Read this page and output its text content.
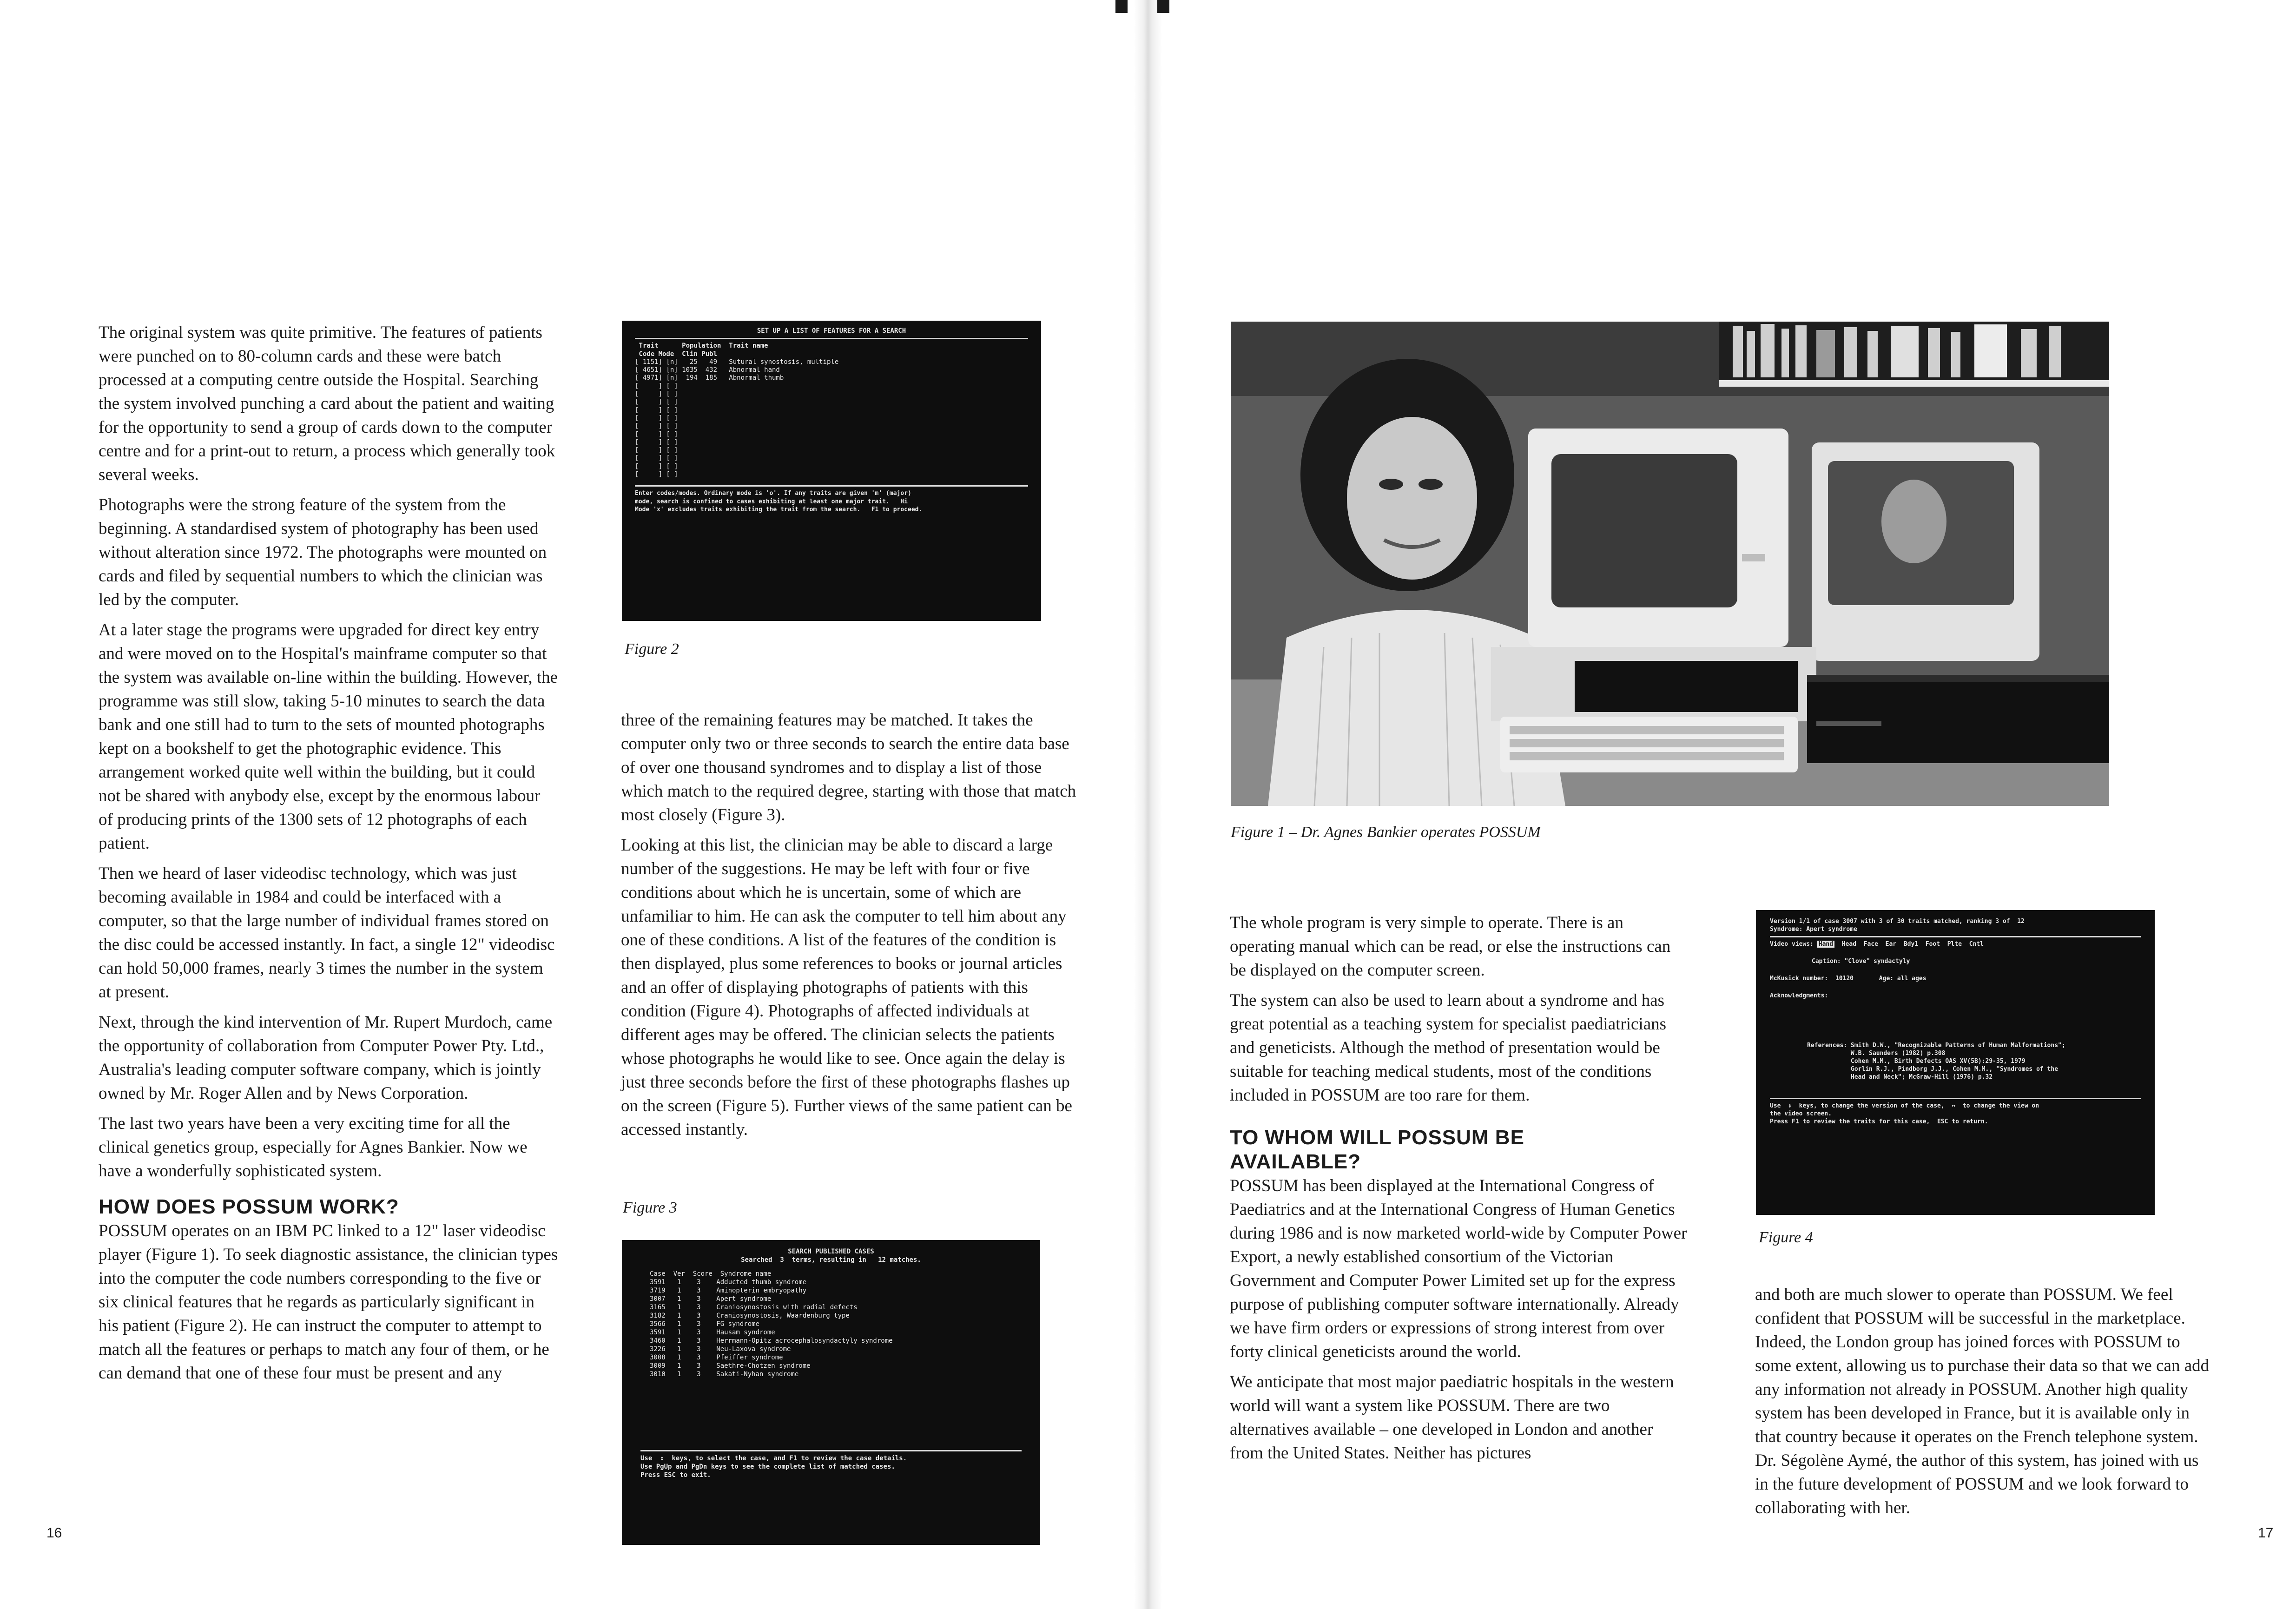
The original system was quite primitive. The features of patients were punched on to 80-column cards and these were batch processed at a computing centre outside the Hospital. Searching the system involved punching a card about the patient and waiting for the opportunity to send a group of cards down to the computer centre and for a print-out to return, a process which generally took several weeks.

Photographs were the strong feature of the system from the beginning. A standardised system of photography has been used without alteration since 1972. The photographs were mounted on cards and filed by sequential numbers to which the clinician was led by the computer.

At a later stage the programs were upgraded for direct key entry and were moved on to the Hospital's mainframe computer so that the system was available on-line within the building. However, the programme was still slow, taking 5-10 minutes to search the data bank and one still had to turn to the sets of mounted photographs kept on a bookshelf to get the photographic evidence. This arrangement worked quite well within the building, but it could not be shared with anybody else, except by the enormous labour of producing prints of the 1300 sets of 12 photographs of each patient.

Then we heard of laser videodisc technology, which was just becoming available in 1984 and could be interfaced with a computer, so that the large number of individual frames stored on the disc could be accessed instantly. In fact, a single 12" videodisc can hold 50,000 frames, nearly 3 times the number in the system at present.

Next, through the kind intervention of Mr. Rupert Murdoch, came the opportunity of collaboration from Computer Power Pty. Ltd., Australia's leading computer software company, which is jointly owned by Mr. Roger Allen and by News Corporation.

The last two years have been a very exciting time for all the clinical genetics group, especially for Agnes Bankier. Now we have a wonderfully sophisticated system.

HOW DOES POSSUM WORK?

POSSUM operates on an IBM PC linked to a 12" laser videodisc player (Figure 1). To seek diagnostic assistance, the clinician types into the computer the code numbers corresponding to the five or six clinical features that he regards as particularly significant in his patient (Figure 2). He can instruct the computer to attempt to match all the features or perhaps to match any four of them, or he can demand that one of these four must be present and any

SET UP A LIST OF FEATURES FOR A SEARCH
Trait      Population  Trait name
Code Mode  Clin Publ
[ 1151] [n]   25   49   Sutural synostosis, multiple
[ 4651] [n] 1035  432   Abnormal hand
[ 4971] [n]  194  185   Abnormal thumb
[     ] [ ]
[     ] [ ]
[     ] [ ]
[     ] [ ]
[     ] [ ]
[     ] [ ]
[     ] [ ]
[     ] [ ]
[     ] [ ]
[     ] [ ]
[     ] [ ]
[     ] [ ]
Enter codes/modes. Ordinary mode is 'o'. If any traits are given 'm' (major)
mode, search is confined to cases exhibiting at least one major trait.   Hi
Mode 'x' excludes traits exhibiting the trait from the search.   F1 to proceed.
Figure 2

three of the remaining features may be matched. It takes the computer only two or three seconds to search the entire data base of over one thousand syndromes and to display a list of those which match to the required degree, starting with those that match most closely (Figure 3).

Looking at this list, the clinician may be able to discard a large number of the suggestions. He may be left with four or five conditions about which he is uncertain, some of which are unfamiliar to him. He can ask the computer to tell him about any one of these conditions. A list of the features of the condition is then displayed, plus some references to books or journal articles and an offer of displaying photographs of patients with this condition (Figure 4). Photographs of affected individuals at different ages may be offered. The clinician selects the patients whose photographs he would like to see. Once again the delay is just three seconds before the first of these photographs flashes up on the screen (Figure 5). Further views of the same patient can be accessed instantly.

Figure 3
SEARCH PUBLISHED CASES
Searched  3  terms, resulting in   12 matches.
Case  Ver  Score  Syndrome name
3591   1    3    Adducted thumb syndrome
3719   1    3    Aminopterin embryopathy
3007   1    3    Apert syndrome
3165   1    3    Craniosynostosis with radial defects
3182   1    3    Craniosynostosis, Waardenburg type
3566   1    3    FG syndrome
3591   1    3    Hausam syndrome
3460   1    3    Herrmann-Opitz acrocephalosyndactyly syndrome
3226   1    3    Neu-Laxova syndrome
3008   1    3    Pfeiffer syndrome
3009   1    3    Saethre-Chotzen syndrome
3010   1    3    Sakati-Nyhan syndrome
Use  ↕  keys, to select the case, and F1 to review the case details.
Use PgUp and PgDn keys to see the complete list of matched cases.
Press ESC to exit.
16
Figure 1 – Dr. Agnes Bankier operates POSSUM

The whole program is very simple to operate. There is an operating manual which can be read, or else the instructions can be displayed on the computer screen.

The system can also be used to learn about a syndrome and has great potential as a teaching system for specialist paediatricians and geneticists. Although the method of presentation would be suitable for teaching medical students, most of the conditions included in POSSUM are too rare for them.

TO WHOM WILL POSSUM BE AVAILABLE?

POSSUM has been displayed at the International Congress of Paediatrics and at the International Congress of Human Genetics during 1986 and is now marketed world-wide by Computer Power Export, a newly established consortium of the Victorian Government and Computer Power Limited set up for the express purpose of publishing computer software internationally. Already we have firm orders or expressions of strong interest from over forty clinical geneticists around the world.

We anticipate that most major paediatric hospitals in the western world will want a system like POSSUM. There are two alternatives available – one developed in London and another from the United States. Neither has pictures

Version 1/1 of case 3007 with 3 of 30 traits matched, ranking 3 of  12
Syndrome: Apert syndrome
Video views: Hand Head Face Ear Bdy1 Foot Plte Cntl
Caption: "Clove" syndactyly
McKusick number:  10120       Age: all ages
Acknowledgments:
References: Smith D.W., "Recognizable Patterns of Human Malformations";
W.B. Saunders (1982) p.308
Cohen M.M., Birth Defects OAS XV(5B):29-35, 1979
Gorlin R.J., Pindborg J.J., Cohen M.M., "Syndromes of the
Head and Neck"; McGraw-Hill (1976) p.32
Use  ↕  keys, to change the version of the case,  ↔  to change the view on
the video screen.
Press F1 to review the traits for this case,  ESC to return.
Figure 4

and both are much slower to operate than POSSUM. We feel confident that POSSUM will be successful in the marketplace. Indeed, the London group has joined forces with POSSUM to some extent, allowing us to purchase their data so that we can add any information not already in POSSUM. Another high quality system has been developed in France, but it is available only in that country because it operates on the French telephone system. Dr. Ségolène Aymé, the author of this system, has joined with us in the future development of POSSUM and we look forward to collaborating with her.

17
